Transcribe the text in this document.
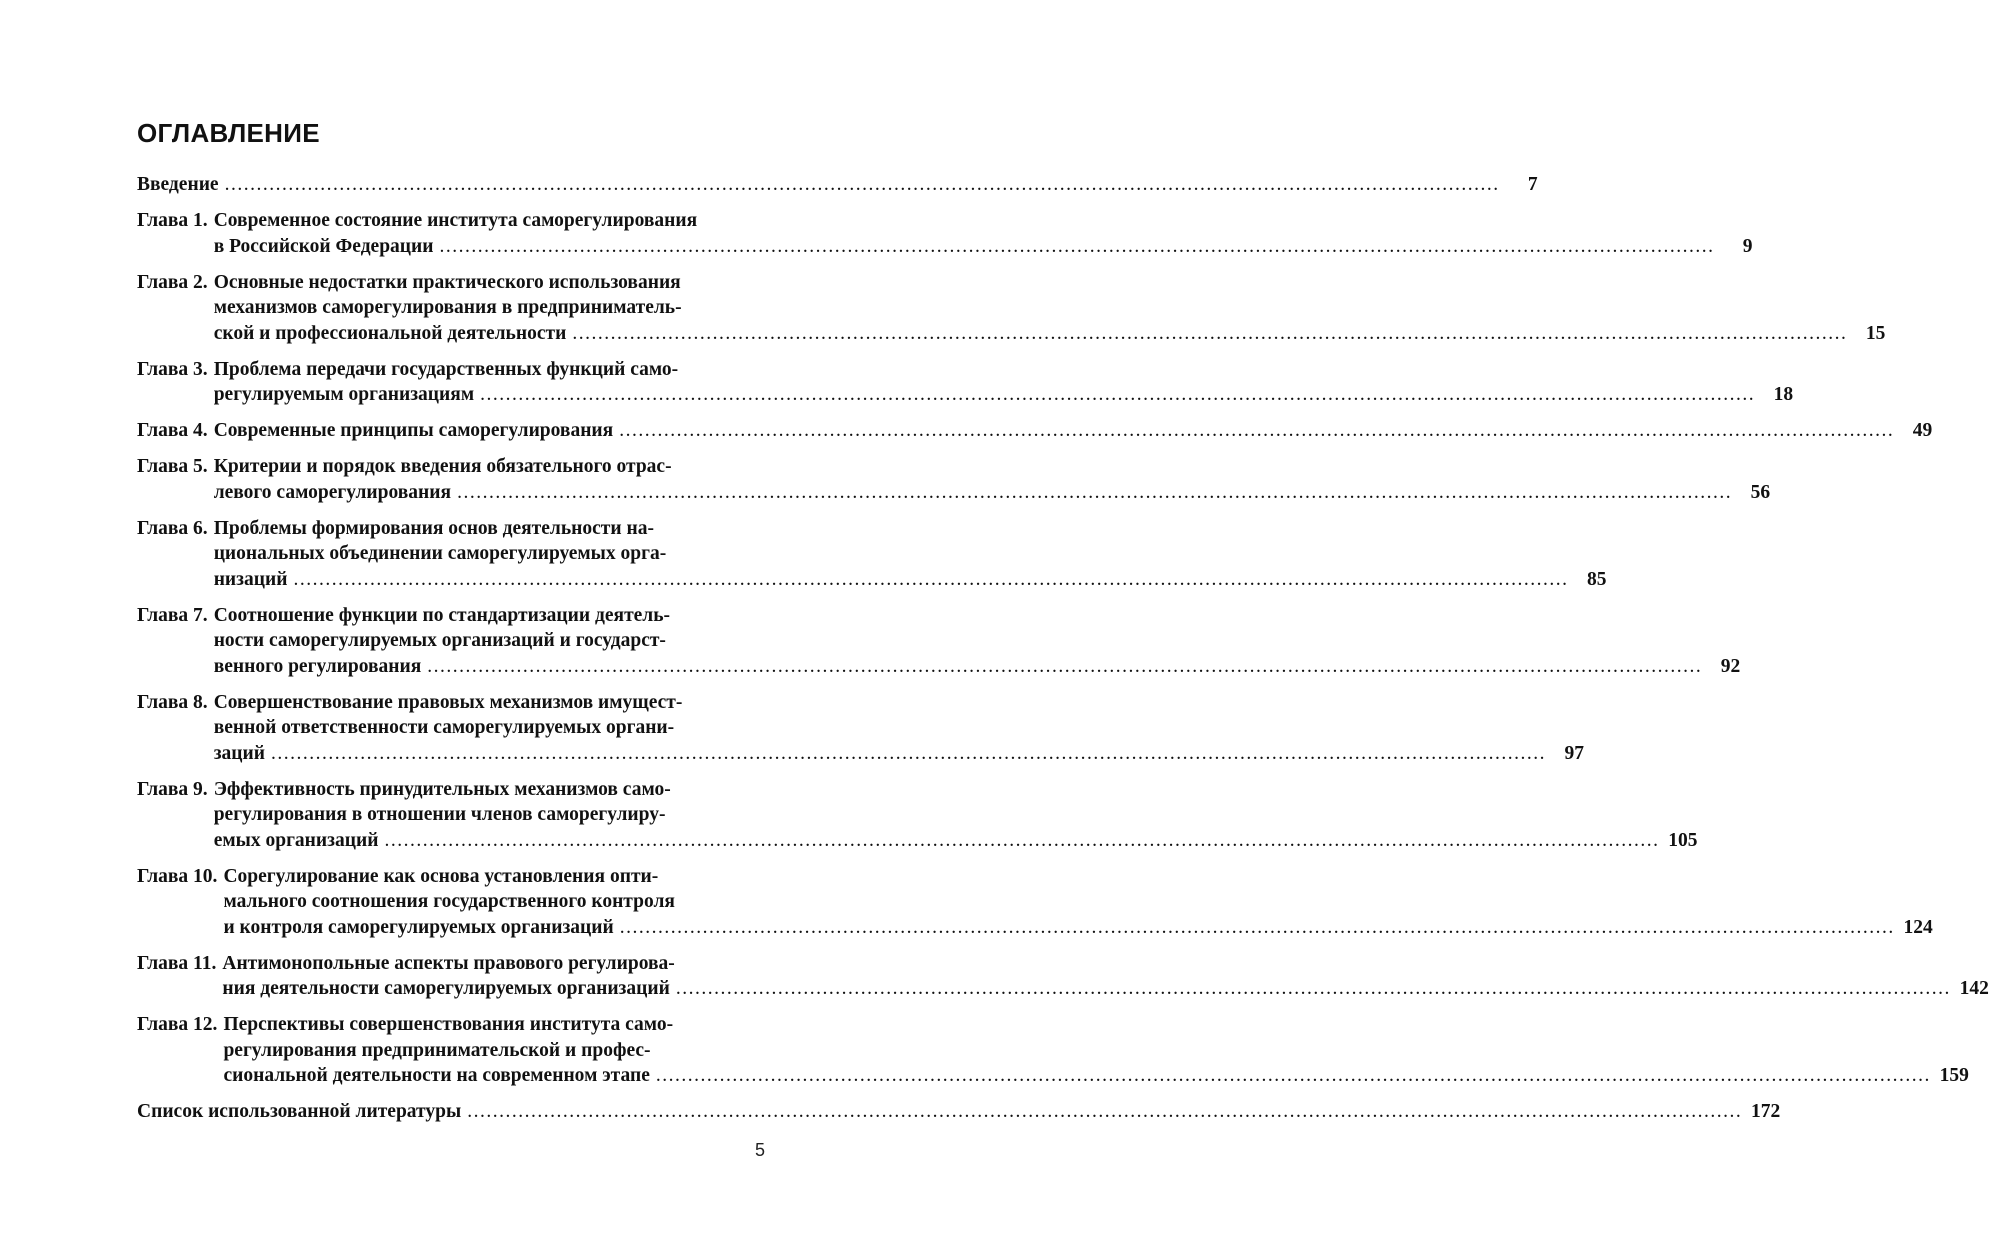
ОГЛАВЛЕНИЕ
Введение .....	7
Глава 1. Современное состояние института саморегулирования
в Российской Федерации .....	9
Глава 2. Основные недостатки практического использования
механизмов саморегулирования в предприниматель-
ской и профессиональной деятельности .....	15
Глава 3. Проблема передачи государственных функций само-
регулируемым организациям .....	18
Глава 4. Современные принципы саморегулирования .....	49
Глава 5. Критерии и порядок введения обязательного отрас-
левого саморегулирования .....	56
Глава 6. Проблемы формирования основ деятельности на-
циональных объединении саморегулируемых орга-
низаций .....	85
Глава 7. Соотношение функции по стандартизации деятель-
ности саморегулируемых организаций и государст-
венного регулирования .....	92
Глава 8. Совершенствование правовых механизмов имущест-
венной ответственности саморегулируемых органи-
заций .....	97
Глава 9. Эффективность принудительных механизмов само-
регулирования в отношении членов саморегулиру-
емых организаций .....	105
Глава 10. Сорегулирование как основа установления опти-
мального соотношения государственного контроля
и контроля саморегулируемых организаций .....	124
Глава 11. Антимонопольные аспекты правового регулирова-
ния деятельности саморегулируемых организаций .....	142
Глава 12. Перспективы совершенствования института само-
регулирования предпринимательской и профес-
сиональной деятельности на современном этапе .....	159
Список использованной литературы .....	172
5
